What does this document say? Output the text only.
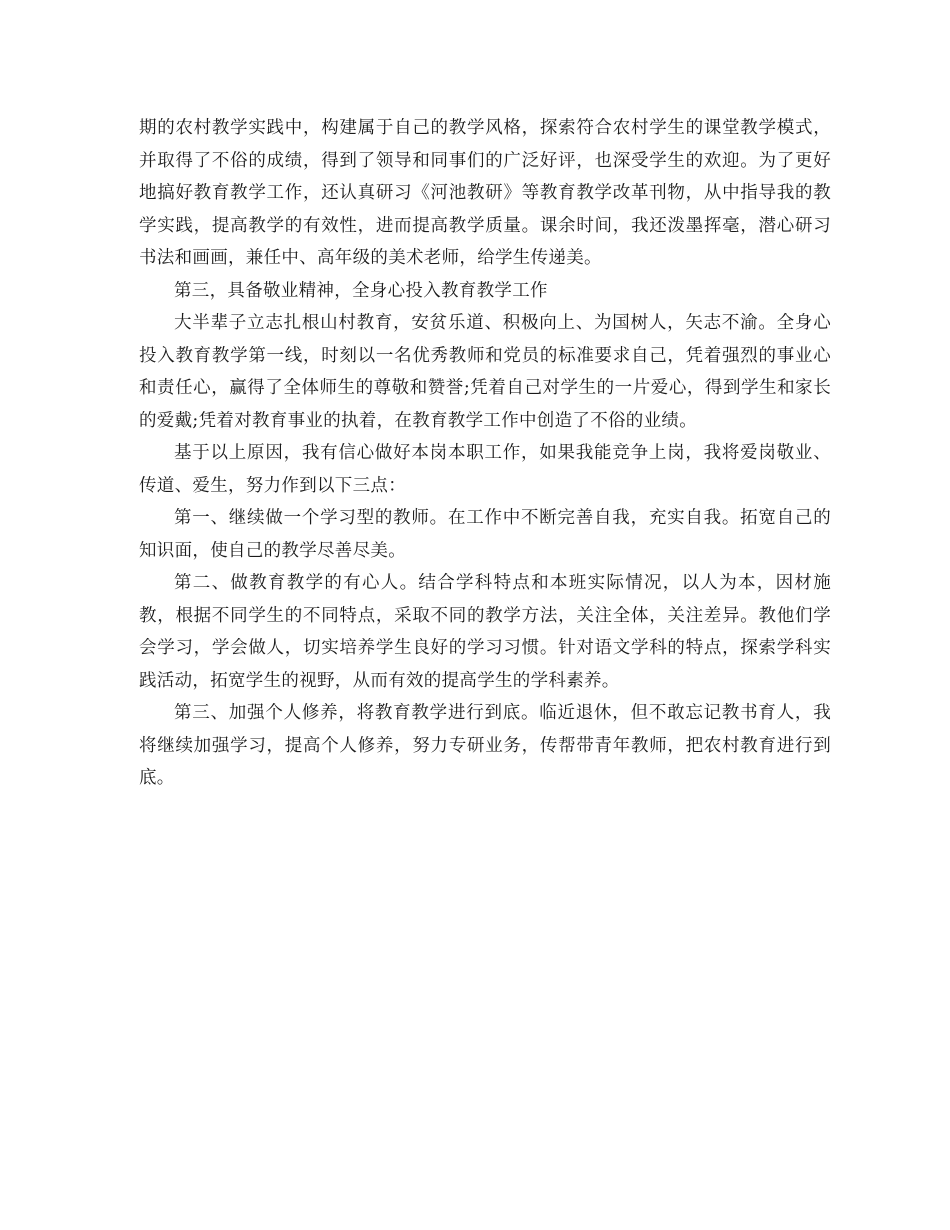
期的农村教学实践中，构建属于自己的教学风格，探索符合农村学生的课堂教学模式，并取得了不俗的成绩，得到了领导和同事们的广泛好评，也深受学生的欢迎。为了更好地搞好教育教学工作，还认真研习《河池教研》等教育教学改革刊物，从中指导我的教学实践，提高教学的有效性，进而提高教学质量。课余时间，我还泼墨挥毫，潜心研习书法和画画，兼任中、高年级的美术老师，给学生传递美。

第三，具备敬业精神，全身心投入教育教学工作

大半辈子立志扎根山村教育，安贫乐道、积极向上、为国树人，矢志不渝。全身心投入教育教学第一线，时刻以一名优秀教师和党员的标准要求自己，凭着强烈的事业心和责任心，赢得了全体师生的尊敬和赞誉;凭着自己对学生的一片爱心，得到学生和家长的爱戴;凭着对教育事业的执着，在教育教学工作中创造了不俗的业绩。

基于以上原因，我有信心做好本岗本职工作，如果我能竞争上岗，我将爱岗敬业、传道、爱生，努力作到以下三点：

第一、继续做一个学习型的教师。在工作中不断完善自我，充实自我。拓宽自己的知识面，使自己的教学尽善尽美。

第二、做教育教学的有心人。结合学科特点和本班实际情况，以人为本，因材施教，根据不同学生的不同特点，采取不同的教学方法，关注全体，关注差异。教他们学会学习，学会做人，切实培养学生良好的学习习惯。针对语文学科的特点，探索学科实践活动，拓宽学生的视野，从而有效的提高学生的学科素养。

第三、加强个人修养，将教育教学进行到底。临近退休，但不敢忘记教书育人，我将继续加强学习，提高个人修养，努力专研业务，传帮带青年教师，把农村教育进行到底。
